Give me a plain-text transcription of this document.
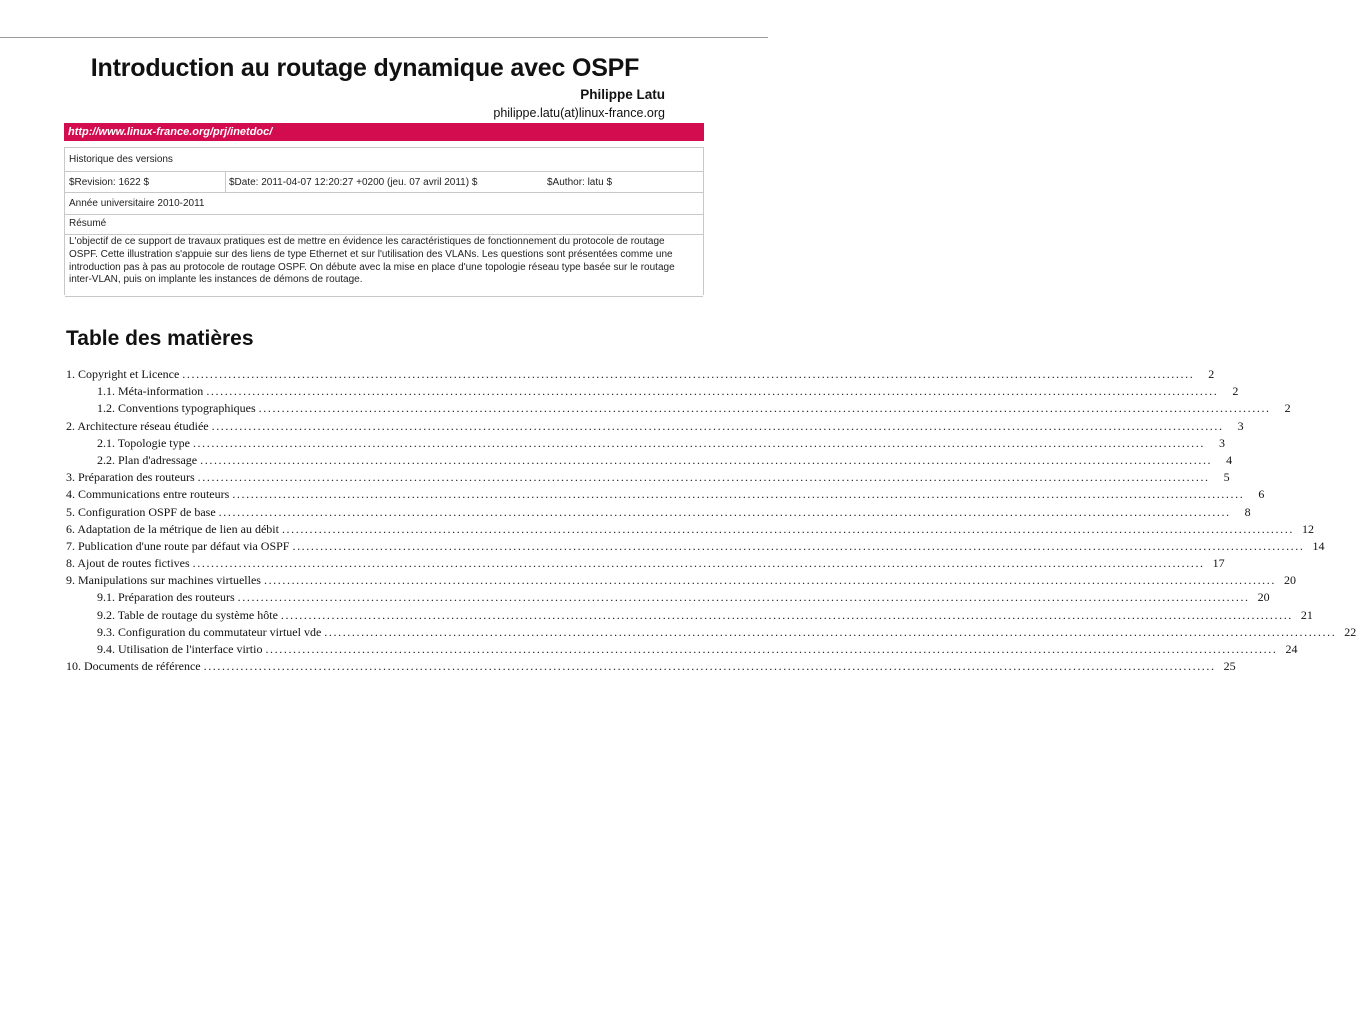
Introduction au routage dynamique avec OSPF
Philippe Latu
philippe.latu(at)linux-france.org
http://www.linux-france.org/prj/inetdoc/
Historique des versions
$Revision: 1622 $	$Date: 2011-04-07 12:20:27 +0200 (jeu. 07 avril 2011) $	$Author: latu $
Année universitaire 2010-2011
Résumé
L'objectif de ce support de travaux pratiques est de mettre en évidence les caractéristiques de fonctionnement du protocole de routage OSPF. Cette illustration s'appuie sur des liens de type Ethernet et sur l'utilisation des VLANs. Les questions sont présentées comme une introduction pas à pas au protocole de routage OSPF. On débute avec la mise en place d'une topologie réseau type basée sur le routage inter-VLAN, puis on implante les instances de démons de routage.
Table des matières
1. Copyright et Licence ............................................................................................................................................................................................................................	2
1.1. Méta-information ............................................................................................................................................................................................................................	2
1.2. Conventions typographiques ............................................................................................................................................................................................................................	2
2. Architecture réseau étudiée ............................................................................................................................................................................................................................	3
2.1. Topologie type ............................................................................................................................................................................................................................	3
2.2. Plan d'adressage ............................................................................................................................................................................................................................	4
3. Préparation des routeurs ............................................................................................................................................................................................................................	5
4. Communications entre routeurs ............................................................................................................................................................................................................................	6
5. Configuration OSPF de base ............................................................................................................................................................................................................................	8
6. Adaptation de la métrique de lien au débit ............................................................................................................................................................................................................................ 12
7. Publication d'une route par défaut via OSPF ............................................................................................................................................................................................................................ 14
8. Ajout de routes fictives ............................................................................................................................................................................................................................ 17
9. Manipulations sur machines virtuelles ............................................................................................................................................................................................................................ 20
9.1. Préparation des routeurs ............................................................................................................................................................................................................................ 20
9.2. Table de routage du système hôte ............................................................................................................................................................................................................................ 21
9.3. Configuration du commutateur virtuel vde ............................................................................................................................................................................................................................ 22
9.4. Utilisation de l'interface virtio ............................................................................................................................................................................................................................ 24
10. Documents de référence ............................................................................................................................................................................................................................ 25
